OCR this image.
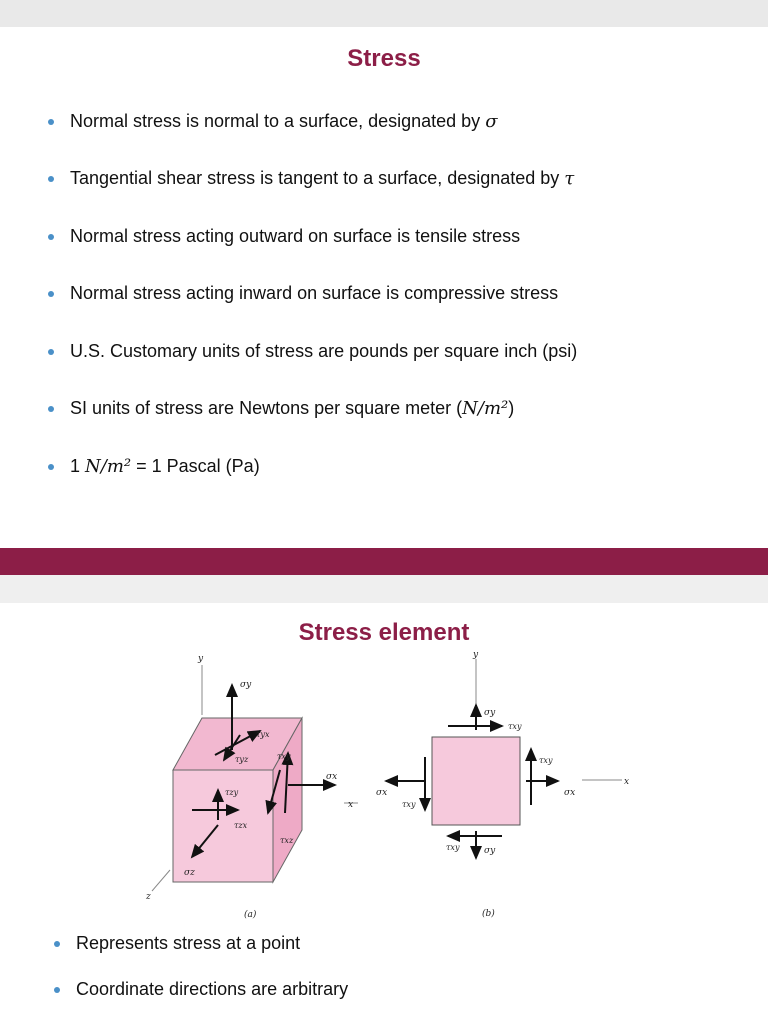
Stress
Normal stress is normal to a surface, designated by σ
Tangential shear stress is tangent to a surface, designated by τ
Normal stress acting outward on surface is tensile stress
Normal stress acting inward on surface is compressive stress
U.S. Customary units of stress are pounds per square inch (psi)
SI units of stress are Newtons per square meter (N/m²)
1 N/m² = 1 Pascal (Pa)
Stress element
Represents stress at a point
Coordinate directions are arbitrary
y
σy
τyx
τyz	τxy
σx
x
τzy
τzx
τxz
σz
z
(a)
y
σy
τxy
τxy
σx
x
σx
τxy
τxy	σy
(b)
